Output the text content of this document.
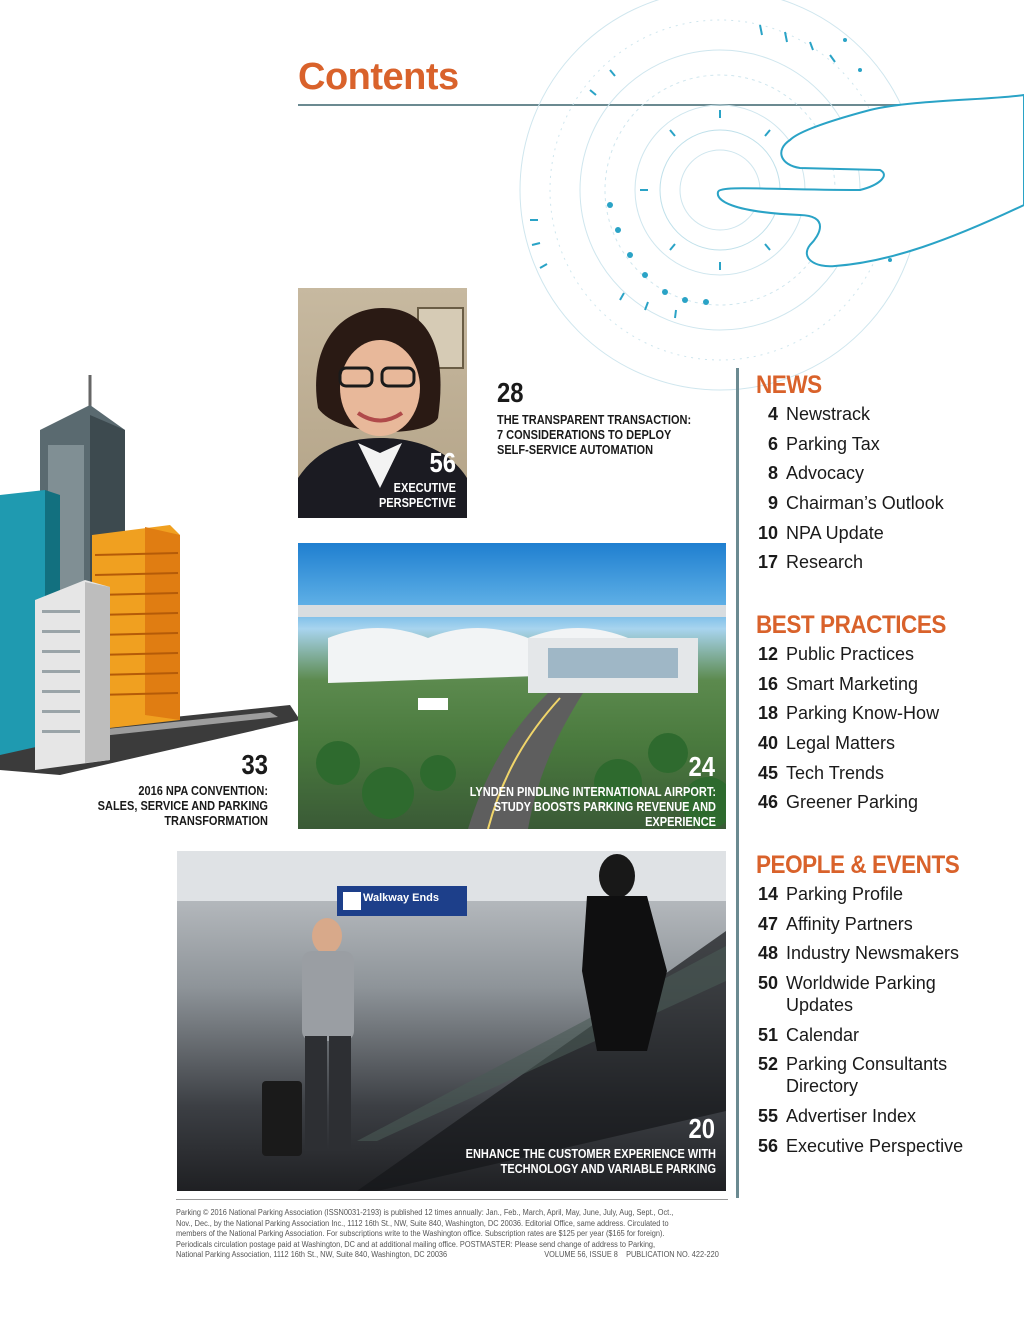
Contents
56
EXECUTIVE
PERSPECTIVE
28
THE TRANSPARENT TRANSACTION:
7 CONSIDERATIONS TO DEPLOY
SELF-SERVICE AUTOMATION
24
LYNDEN PINDLING INTERNATIONAL AIRPORT:
STUDY BOOSTS PARKING REVENUE AND EXPERIENCE
33
2016 NPA CONVENTION:
SALES, SERVICE AND PARKING
TRANSFORMATION
Walkway Ends
20
ENHANCE THE CUSTOMER EXPERIENCE WITH
TECHNOLOGY AND VARIABLE PARKING
NEWS
4 Newstrack
6 Parking Tax
8 Advocacy
9 Chairman’s Outlook
10 NPA Update
17 Research
BEST PRACTICES
12 Public Practices
16 Smart Marketing
18 Parking Know-How
40 Legal Matters
45 Tech Trends
46 Greener Parking
PEOPLE & EVENTS
14 Parking Profile
47 Affinity Partners
48 Industry Newsmakers
50 Worldwide Parking Updates
51 Calendar
52 Parking Consultants Directory
55 Advertiser Index
56 Executive Perspective
Parking © 2016 National Parking Association (ISSN0031-2193) is published 12 times annually: Jan., Feb., March, April, May, June, July, Aug, Sept., Oct., Nov., Dec., by the National Parking Association Inc., 1112 16th St., NW, Suite 840, Washington, DC 20036. Editorial Office, same address. Circulated to members of the National Parking Association. For subscriptions write to the Washington office. Subscription rates are $125 per year ($165 for foreign). Periodicals circulation postage paid at Washington, DC and at additional mailing office. POSTMASTER: Please send change of address to Parking, National Parking Association, 1112 16th St., NW, Suite 840, Washington, DC 20036	VOLUME 56, ISSUE 8 PUBLICATION NO. 422-220
